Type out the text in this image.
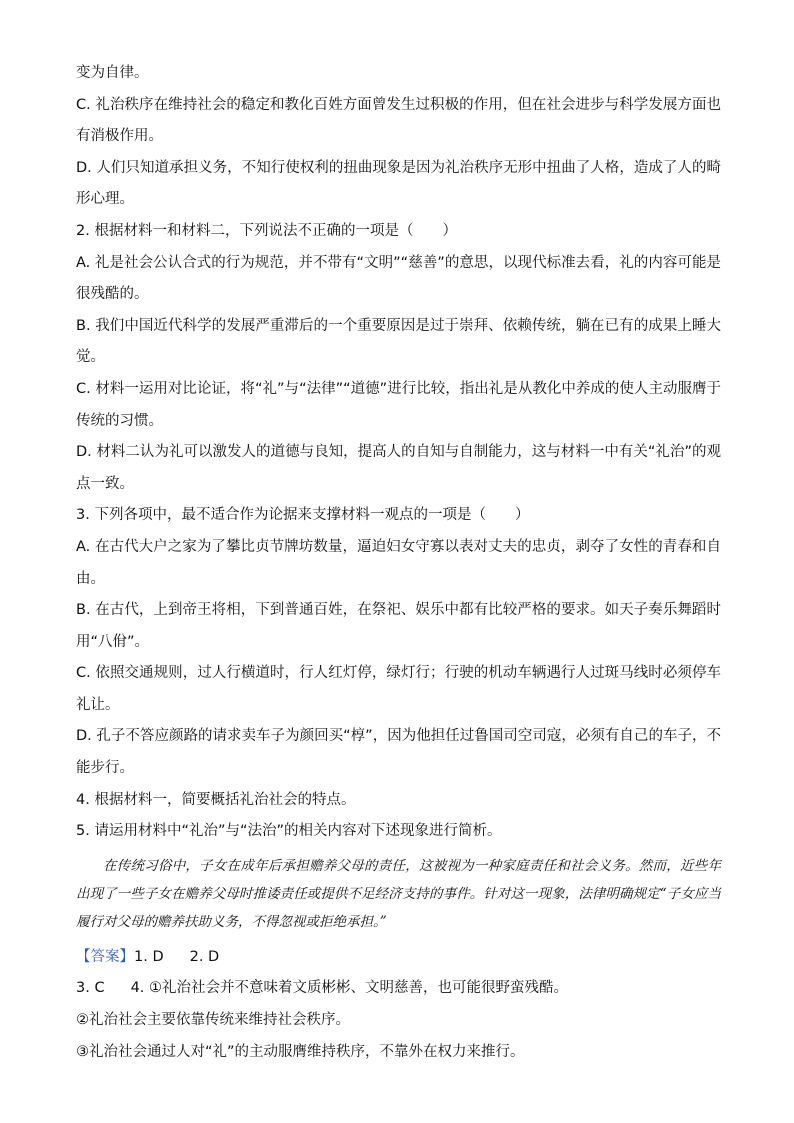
变为自律。

C. 礼治秩序在维持社会的稳定和教化百姓方面曾发生过积极的作用，但在社会进步与科学发展方面也有消极作用。

D. 人们只知道承担义务，不知行使权利的扭曲现象是因为礼治秩序无形中扭曲了人格，造成了人的畸形心理。

2. 根据材料一和材料二，下列说法不正确的一项是（　　）

A. 礼是社会公认合式的行为规范，并不带有“文明”“慈善”的意思，以现代标准去看，礼的内容可能是很残酷的。

B. 我们中国近代科学的发展严重滞后的一个重要原因是过于崇拜、依赖传统，躺在已有的成果上睡大觉。

C. 材料一运用对比论证，将“礼”与“法律”“道德”进行比较，指出礼是从教化中养成的使人主动服膺于传统的习惯。

D. 材料二认为礼可以激发人的道德与良知，提高人的自知与自制能力，这与材料一中有关“礼治”的观点一致。

3. 下列各项中，最不适合作为论据来支撑材料一观点的一项是（　　）

A. 在古代大户之家为了攀比贞节牌坊数量，逼迫妇女守寡以表对丈夫的忠贞，剥夺了女性的青春和自由。

B. 在古代，上到帝王将相，下到普通百姓，在祭祀、娱乐中都有比较严格的要求。如天子奏乐舞蹈时用“八佾”。

C. 依照交通规则，过人行横道时，行人红灯停，绿灯行；行驶的机动车辆遇行人过斑马线时必须停车礼让。

D. 孔子不答应颜路的请求卖车子为颜回买“椁”，因为他担任过鲁国司空司寇，必须有自己的车子，不能步行。

4. 根据材料一，简要概括礼治社会的特点。

5. 请运用材料中“礼治”与“法治”的相关内容对下述现象进行简析。

在传统习俗中，子女在成年后承担赡养父母的责任，这被视为一种家庭责任和社会义务。然而，近些年出现了一些子女在赡养父母时推诿责任或提供不足经济支持的事件。针对这一现象，法律明确规定“子女应当履行对父母的赡养扶助义务，不得忽视或拒绝承担。”

【答案】1. D 2. D

3. C 4. ①礼治社会并不意味着文质彬彬、文明慈善，也可能很野蛮残酷。

②礼治社会主要依靠传统来维持社会秩序。

③礼治社会通过人对“礼”的主动服膺维持秩序，不靠外在权力来推行。
